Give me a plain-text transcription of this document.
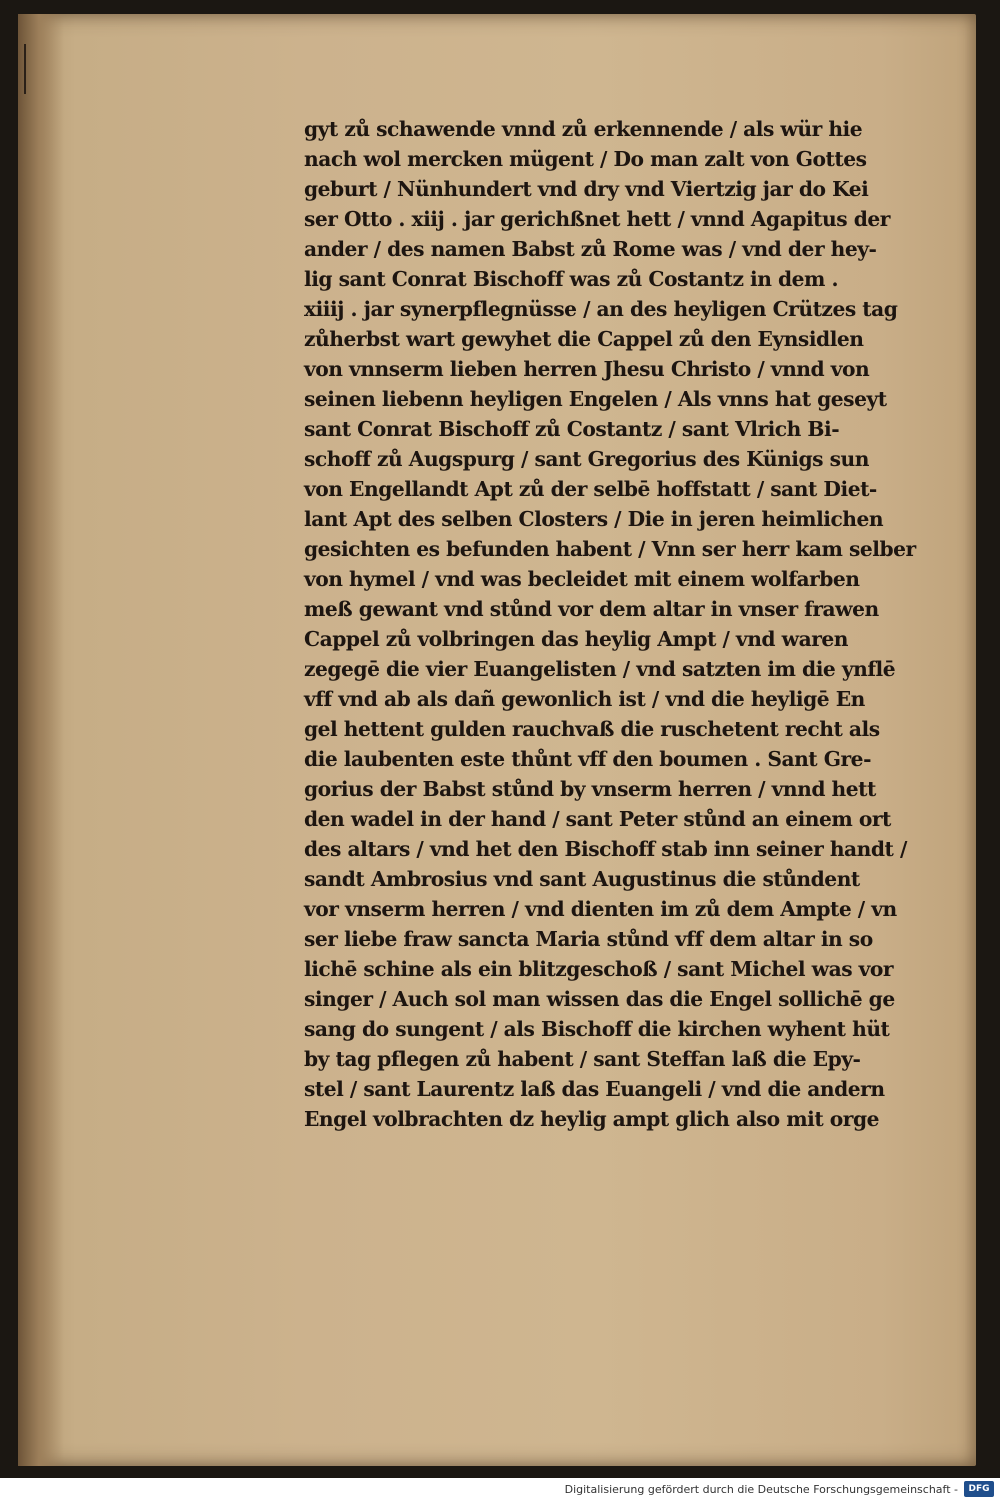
gyt zů schawende vnnd zů erkennende / als wür hie
nach wol mercken mügent / Do man zalt von Gottes
geburt / Nünhundert vnd dry vnd Viertzig jar do Kei
ser Otto . xiij . jar gerichßnet hett / vnnd Agapitus der
ander / des namen Babst zů Rome was / vnd der hey-
lig sant Conrat Bischoff was zů Costantz in dem .
xiiij . jar synerpflegnüsse / an des heyligen Crützes tag
zůherbst wart gewyhet die Cappel zů den Eynsidlen
von vnnserm lieben herren Jhesu Christo / vnnd von
seinen liebenn heyligen Engelen / Als vnns hat geseyt
sant Conrat Bischoff zů Costantz / sant Vlrich Bi-
schoff zů Augspurg / sant Gregorius des Künigs sun
von Engellandt Apt zů der selbē hoffstatt / sant Diet-
lant Apt des selben Closters / Die in jeren heimlichen
gesichten es befunden habent / Vnn ser herr kam selber
von hymel / vnd was becleidet mit einem wolfarben
meß gewant vnd stůnd vor dem altar in vnser frawen
Cappel zů volbringen das heylig Ampt / vnd waren
zegegē die vier Euangelisten / vnd satzten im die ynflē
vff vnd ab als dañ gewonlich ist / vnd die heyligē En
gel hettent gulden rauchvaß die ruschetent recht als
die laubenten este thůnt vff den boumen . Sant Gre-
gorius der Babst stůnd by vnserm herren / vnnd hett
den wadel in der hand / sant Peter stůnd an einem ort
des altars / vnd het den Bischoff stab inn seiner handt /
sandt Ambrosius vnd sant Augustinus die stůndent
vor vnserm herren / vnd dienten im zů dem Ampte / vn
ser liebe fraw sancta Maria stůnd vff dem altar in so
lichē schine als ein blitzgeschoß / sant Michel was vor
singer / Auch sol man wissen das die Engel sollichē ge
sang do sungent / als Bischoff die kirchen wyhent hüt
by tag pflegen zů habent / sant Steffan laß die Epy-
stel / sant Laurentz laß das Euangeli / vnd die andern
Engel volbrachten dz heylig ampt glich also mit orge
Digitalisierung gefördert durch die Deutsche Forschungsgemeinschaft -	DFG
